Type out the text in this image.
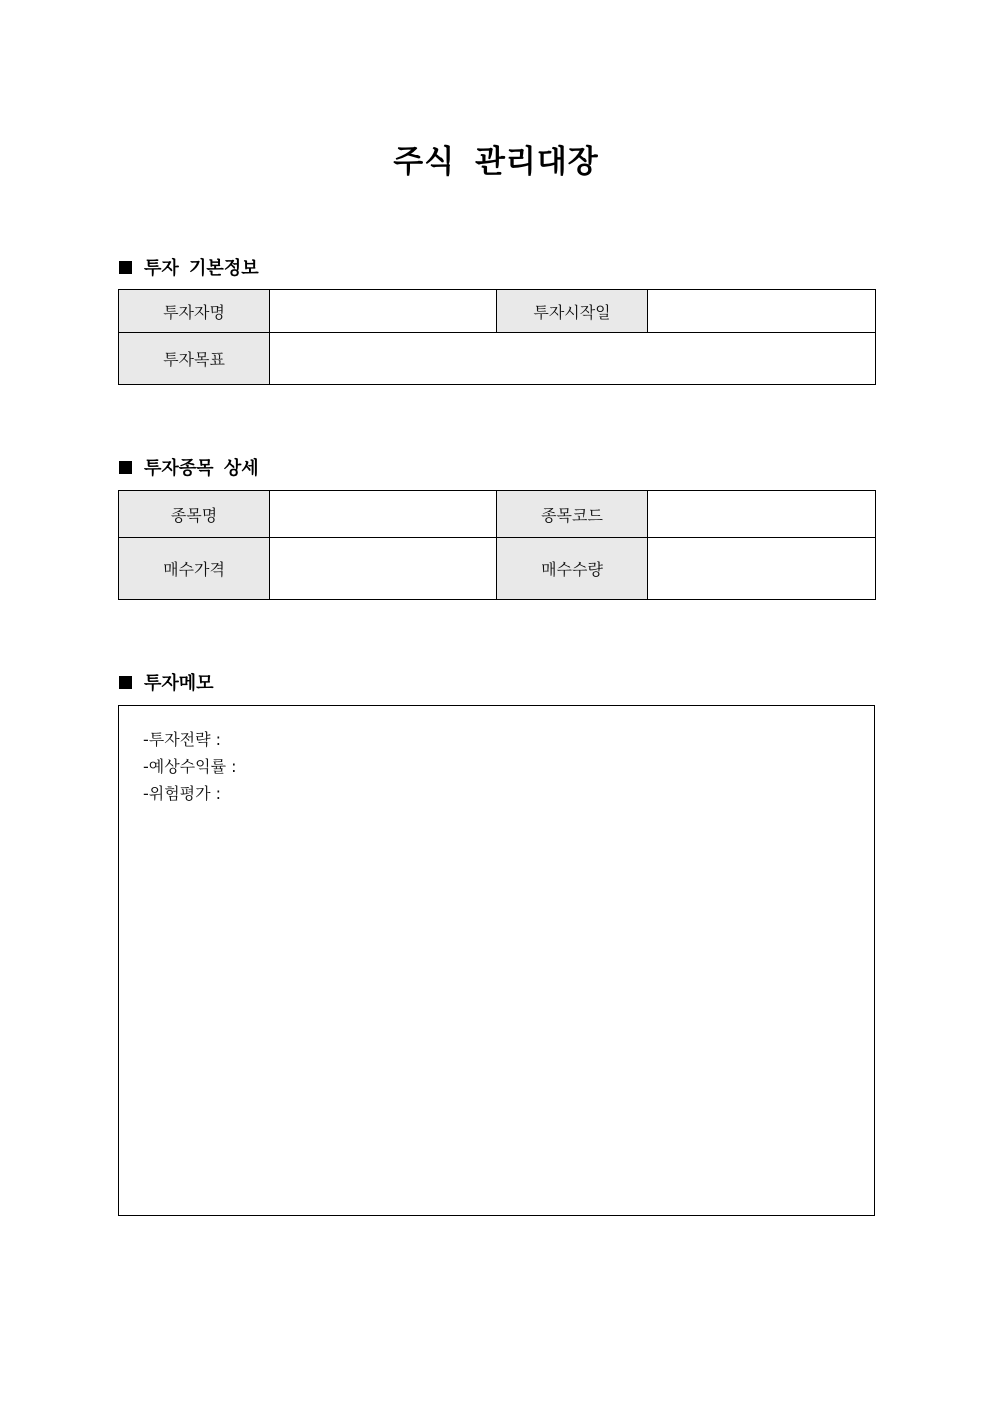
주식 관리대장
투자 기본정보
투자자명		투자시작일	
투자목표			
투자종목 상세
종목명		종목코드	
매수가격		매수수량	
투자메모
-투자전략 :
-예상수익률 :
-위험평가 :
